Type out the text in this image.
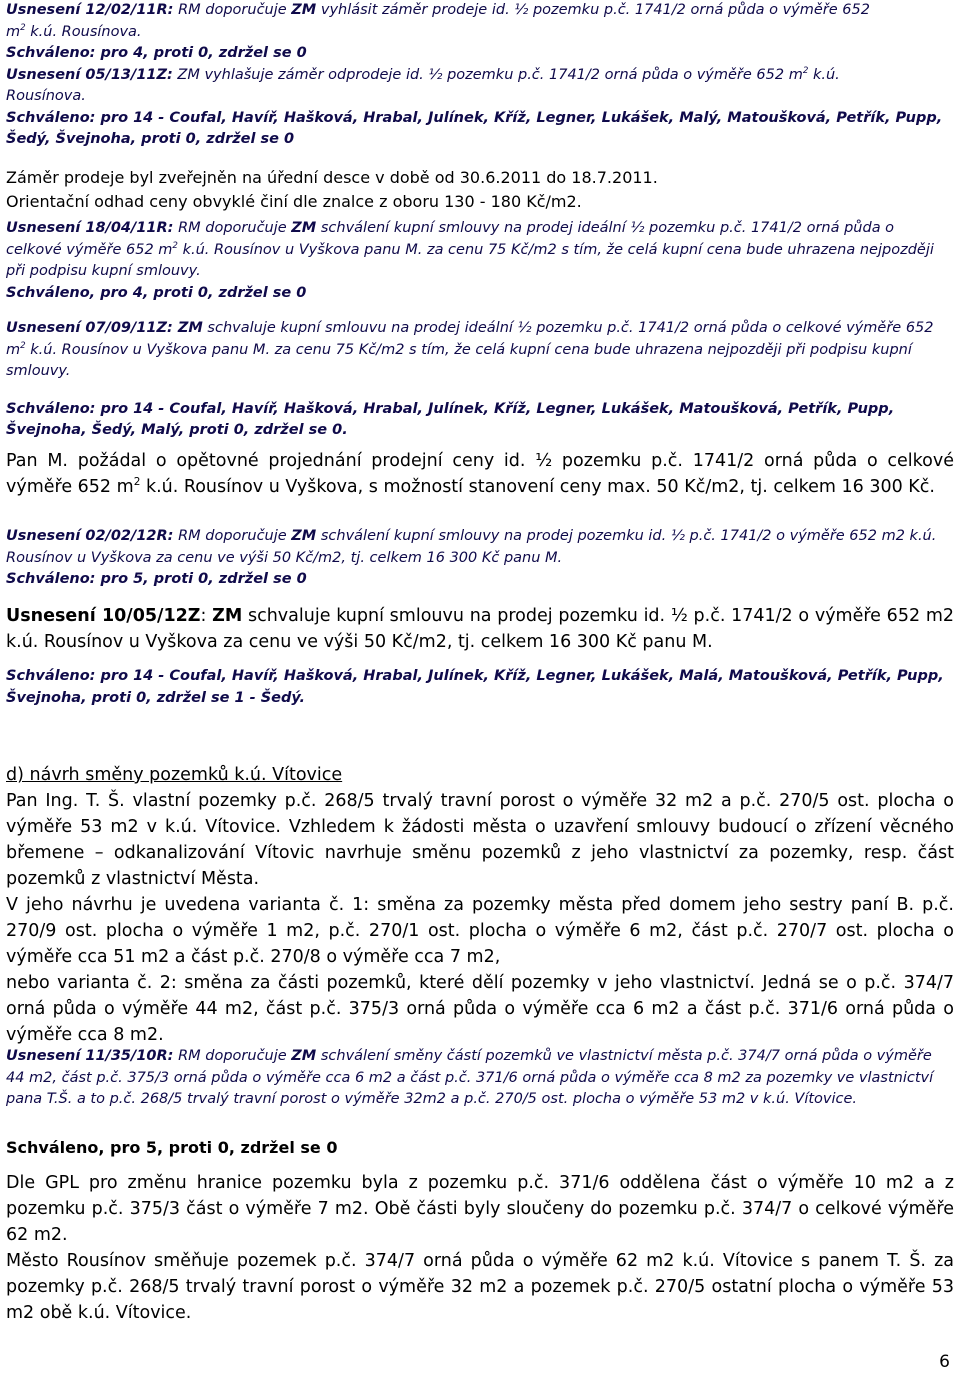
Usnesení 12/02/11R: RM doporučuje ZM vyhlásit záměr prodeje id. ½ pozemku p.č. 1741/2 orná půda o výměře 652
$m^2$ k.ú. Rousínova.
Schváleno: pro 4, proti 0, zdržel se 0
Usnesení 05/13/11Z: ZM vyhlašuje záměr odprodeje id. ½ pozemku p.č. 1741/2 orná půda o výměře 652 $m^2$ k.ú.
Rousínova.
Schváleno: pro 14 - Coufal, Havíř, Hašková, Hrabal, Julínek, Kříž, Legner, Lukášek, Malý, Matoušková, Petřík, Pupp, Šedý, Švejnoha, proti 0, zdržel se 0
Záměr prodeje byl zveřejněn na úřední desce v době od 30.6.2011 do 18.7.2011.
Orientační odhad ceny obvyklé činí dle znalce z oboru 130 - 180 Kč/m2.
Usnesení 18/04/11R: RM doporučuje ZM schválení kupní smlouvy na prodej ideální ½ pozemku p.č. 1741/2 orná půda o celkové výměře 652 $m^2$ k.ú. Rousínov u Vyškova panu M. za cenu 75 Kč/m2 s tím, že celá kupní cena bude uhrazena nejpozději při podpisu kupní smlouvy.
Schváleno, pro 4, proti 0, zdržel se 0
Usnesení 07/09/11Z: ZM schvaluje kupní smlouvu na prodej ideální ½ pozemku p.č. 1741/2 orná půda o celkové výměře 652 $m^2$ k.ú. Rousínov u Vyškova panu M. za cenu 75 Kč/m2 s tím, že celá kupní cena bude uhrazena nejpozději při podpisu kupní smlouvy.
Schváleno: pro 14 - Coufal, Havíř, Hašková, Hrabal, Julínek, Kříž, Legner, Lukášek, Matoušková, Petřík, Pupp, Švejnoha, Šedý, Malý, proti 0, zdržel se 0.
Pan M. požádal o opětovné projednání prodejní ceny id. ½ pozemku p.č. 1741/2 orná půda o celkové výměře 652 $m^2$ k.ú. Rousínov u Vyškova, s možností stanovení ceny max. 50 Kč/m2, tj. celkem 16 300 Kč.
Usnesení 02/02/12R: RM doporučuje ZM schválení kupní smlouvy na prodej pozemku id. ½ p.č. 1741/2 o výměře 652 m2 k.ú. Rousínov u Vyškova za cenu ve výši 50 Kč/m2, tj. celkem 16 300 Kč panu M.
Schváleno: pro 5, proti 0, zdržel se 0
Usnesení 10/05/12Z: ZM schvaluje kupní smlouvu na prodej pozemku id. ½ p.č. 1741/2 o výměře 652 m2 k.ú. Rousínov u Vyškova za cenu ve výši 50 Kč/m2, tj. celkem 16 300 Kč panu M.
Schváleno: pro 14 - Coufal, Havíř, Hašková, Hrabal, Julínek, Kříž, Legner, Lukášek, Malá, Matoušková, Petřík, Pupp, Švejnoha, proti 0, zdržel se 1 - Šedý.
d) návrh směny pozemků k.ú. Vítovice
Pan Ing. T. Š. vlastní pozemky p.č. 268/5 trvalý travní porost o výměře 32 m2 a p.č. 270/5 ost. plocha o výměře 53 m2 v k.ú. Vítovice. Vzhledem k žádosti města o uzavření smlouvy budoucí o zřízení věcného břemene – odkanalizování Vítovic navrhuje směnu pozemků z jeho vlastnictví za pozemky, resp. část pozemků z vlastnictví Města.
V jeho návrhu je uvedena varianta č. 1: směna za pozemky města před domem jeho sestry paní B. p.č. 270/9 ost. plocha o výměře 1 m2, p.č. 270/1 ost. plocha o výměře 6 m2, část p.č. 270/7 ost. plocha o výměře cca 51 m2 a část p.č. 270/8 o výměře cca 7 m2,
nebo varianta č. 2: směna za části pozemků, které dělí pozemky v jeho vlastnictví. Jedná se o p.č. 374/7 orná půda o výměře 44 m2, část p.č. 375/3 orná půda o výměře cca 6 m2 a část p.č. 371/6 orná půda o výměře cca 8 m2.
Usnesení 11/35/10R: RM doporučuje ZM schválení směny částí pozemků ve vlastnictví města p.č. 374/7 orná půda o výměře 44 m2, část p.č. 375/3 orná půda o výměře cca 6 m2 a část p.č. 371/6 orná půda o výměře cca 8 m2 za pozemky ve vlastnictví pana T.Š. a to p.č. 268/5 trvalý travní porost o výměře 32m2 a p.č. 270/5 ost. plocha o výměře 53 m2 v k.ú. Vítovice.
Schváleno, pro 5, proti 0, zdržel se 0
Dle GPL pro změnu hranice pozemku byla z pozemku p.č. 371/6 oddělena část o výměře 10 m2 a z pozemku p.č. 375/3 část o výměře 7 m2. Obě části byly sloučeny do pozemku p.č. 374/7 o celkové výměře 62 m2.
Město Rousínov směňuje pozemek p.č. 374/7 orná půda o výměře 62 m2 k.ú. Vítovice s panem T. Š. za pozemky p.č. 268/5 trvalý travní porost o výměře 32 m2 a pozemek p.č. 270/5 ostatní plocha o výměře 53 m2 obě k.ú. Vítovice.
6
